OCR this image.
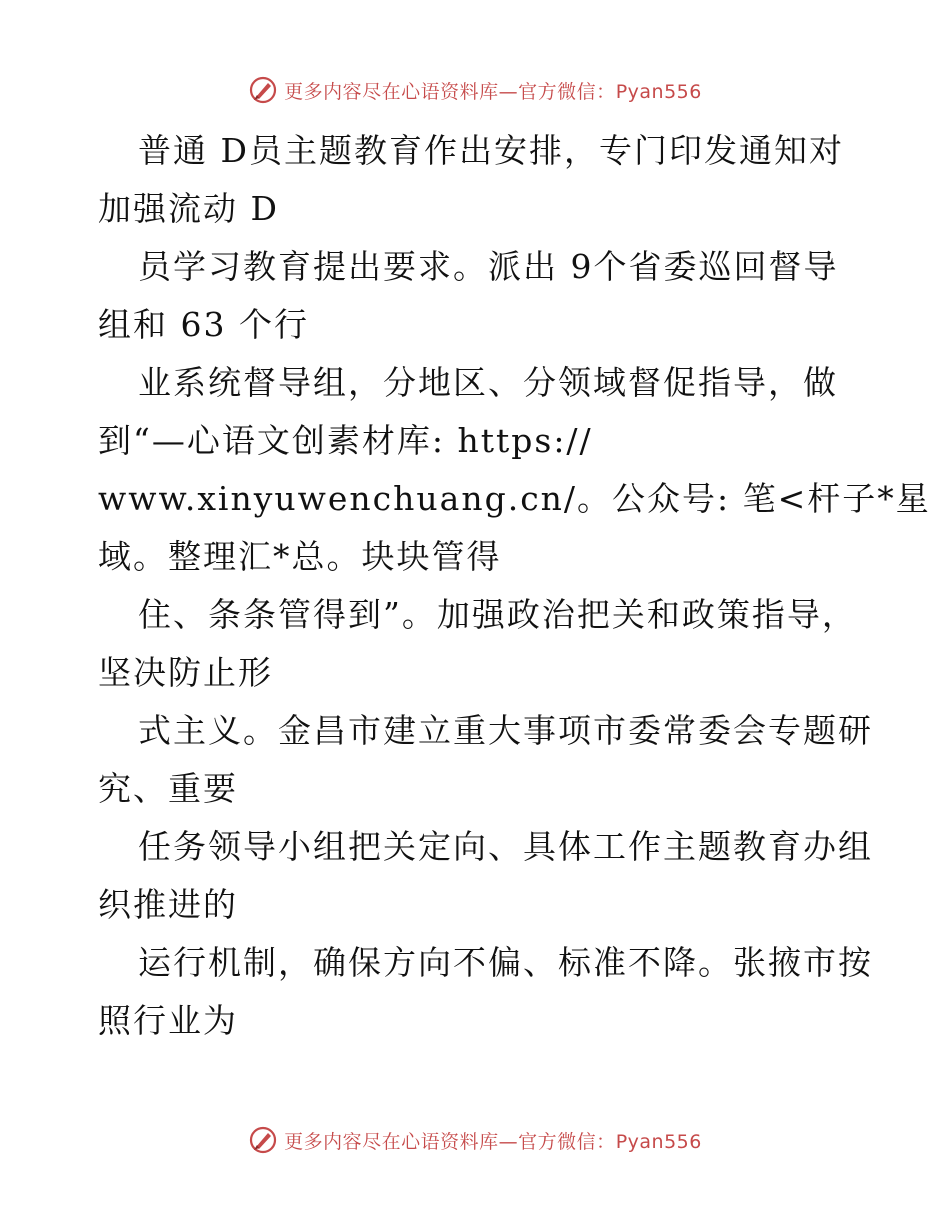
更多内容尽在心语资料库—官方微信：Pyan556
普通 D员主题教育作出安排，专门印发通知对
加强流动 D
员学习教育提出要求。派出 9个省委巡回督导
组和 63 个行
业系统督导组，分地区、分领域督促指导，做
到“—心语文创素材库: https://
www.xinyuwenchuang.cn/。公众号: 笔<杆子*星
域。整理汇*总。块块管得
住、条条管得到”。加强政治把关和政策指导，
坚决防止形
式主义。金昌市建立重大事项市委常委会专题研
究、重要
任务领导小组把关定向、具体工作主题教育办组
织推进的
运行机制，确保方向不偏、标准不降。张掖市按
照行业为
更多内容尽在心语资料库—官方微信：Pyan556
